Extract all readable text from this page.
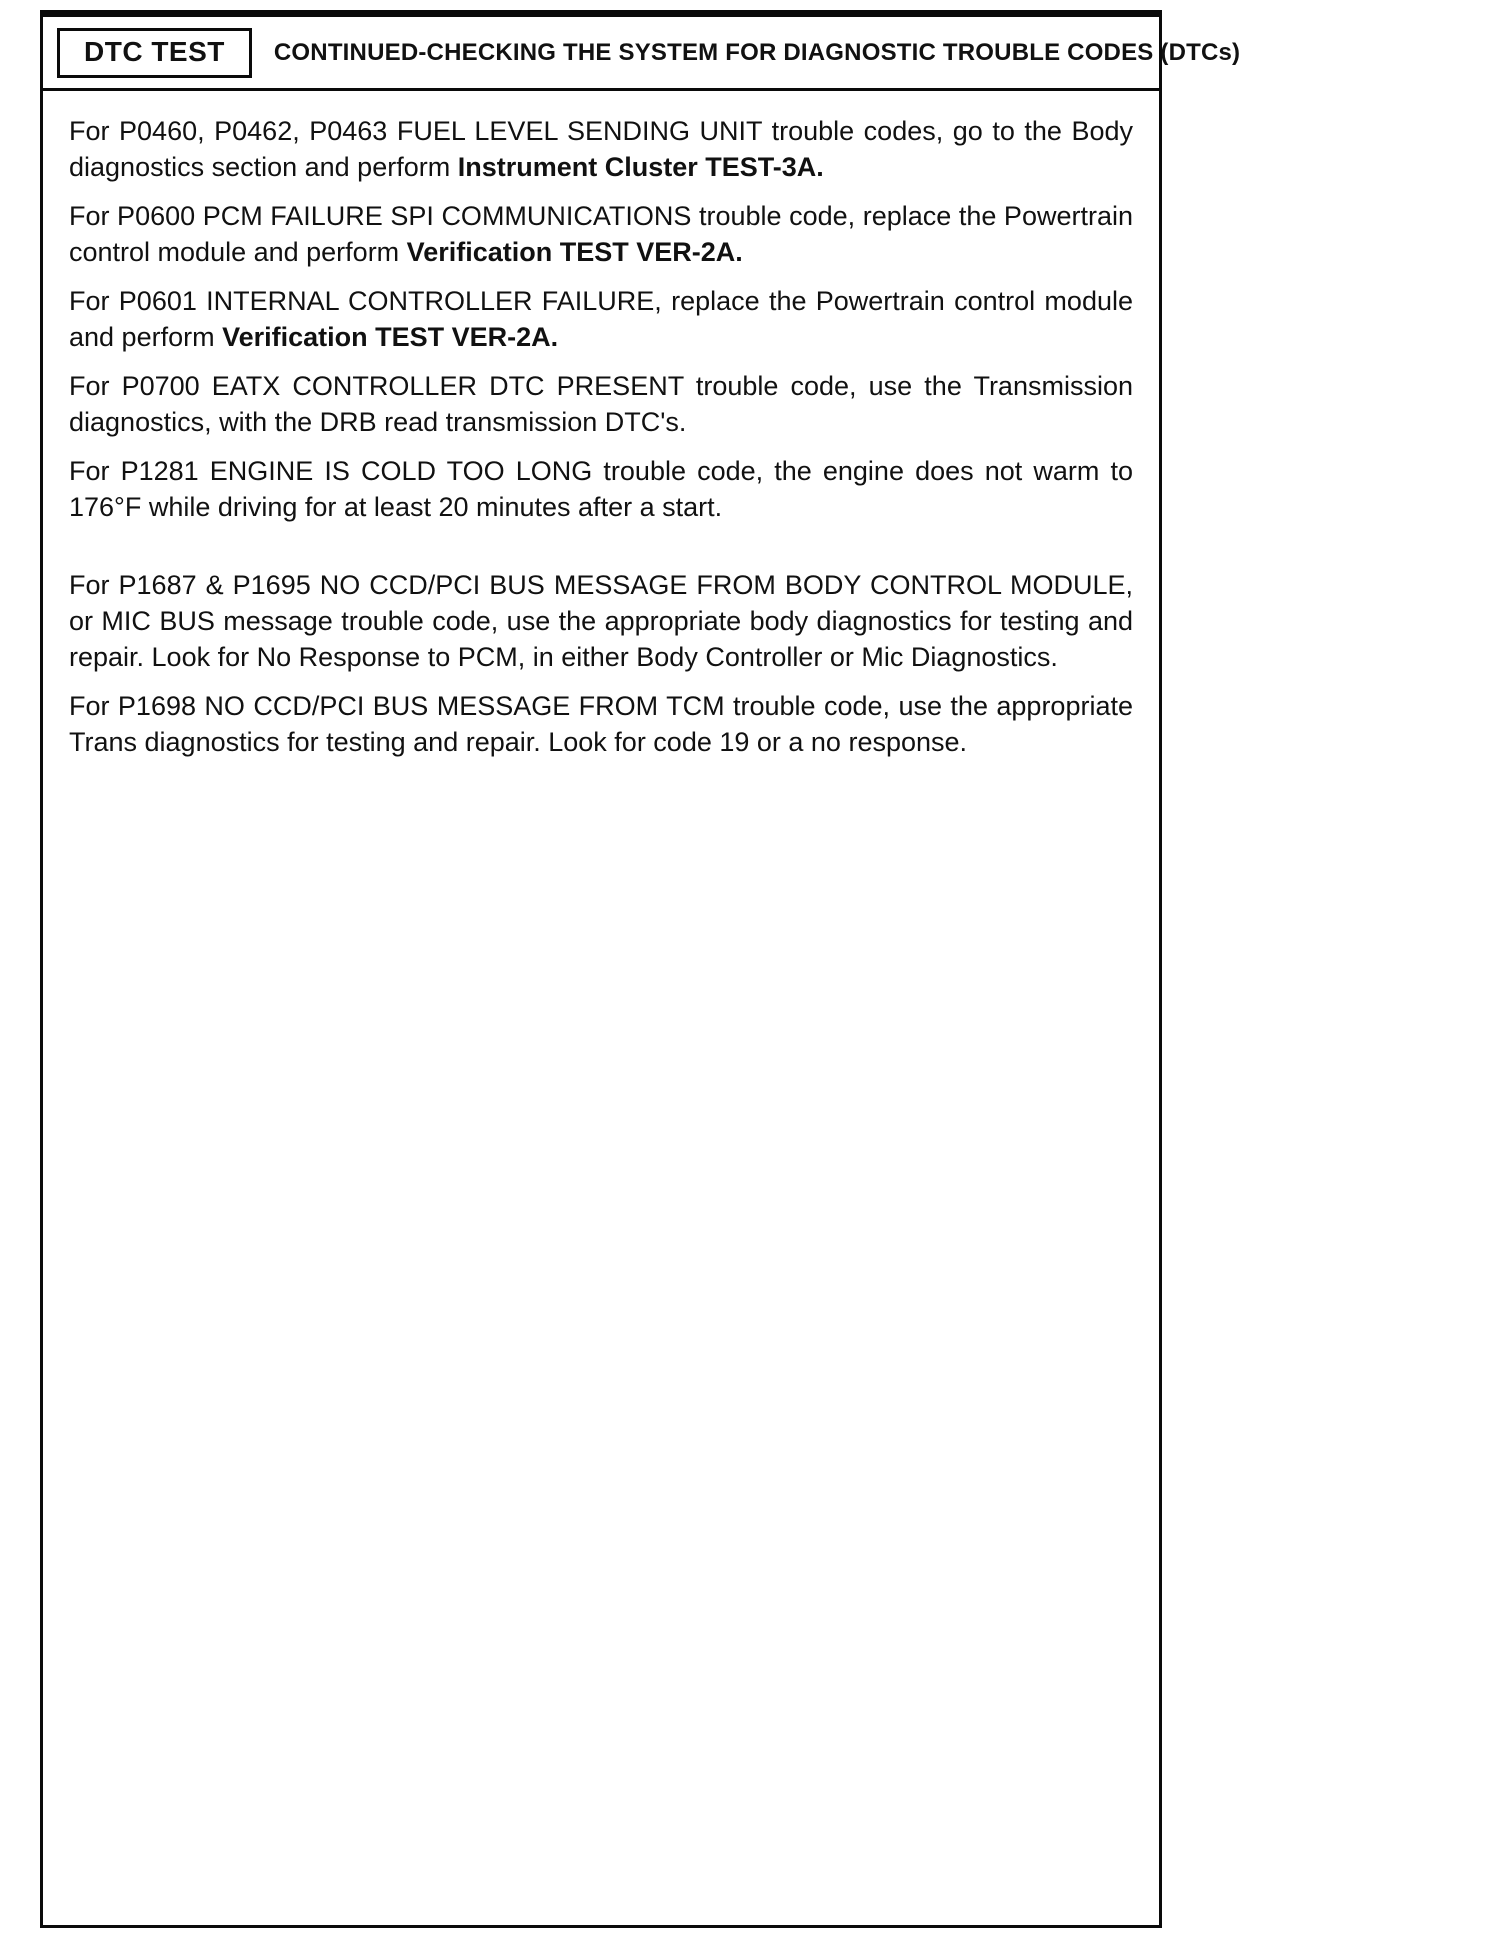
DTC TEST	CONTINUED-CHECKING THE SYSTEM FOR DIAGNOSTIC TROUBLE CODES (DTCs)

For P0460, P0462, P0463 FUEL LEVEL SENDING UNIT trouble codes, go to the Body diagnostics section and perform Instrument Cluster TEST-3A.

For P0600 PCM FAILURE SPI COMMUNICATIONS trouble code, replace the Powertrain control module and perform Verification TEST VER-2A.

For P0601 INTERNAL CONTROLLER FAILURE, replace the Powertrain control module and perform Verification TEST VER-2A.

For P0700 EATX CONTROLLER DTC PRESENT trouble code, use the Transmission diagnostics, with the DRB read transmission DTC's.

For P1281 ENGINE IS COLD TOO LONG trouble code, the engine does not warm to 176°F while driving for at least 20 minutes after a start.

For P1687 & P1695 NO CCD/PCI BUS MESSAGE FROM BODY CONTROL MODULE, or MIC BUS message trouble code, use the appropriate body diagnostics for testing and repair. Look for No Response to PCM, in either Body Controller or Mic Diagnostics.

For P1698 NO CCD/PCI BUS MESSAGE FROM TCM trouble code, use the appropriate Trans diagnostics for testing and repair. Look for code 19 or a no response.
